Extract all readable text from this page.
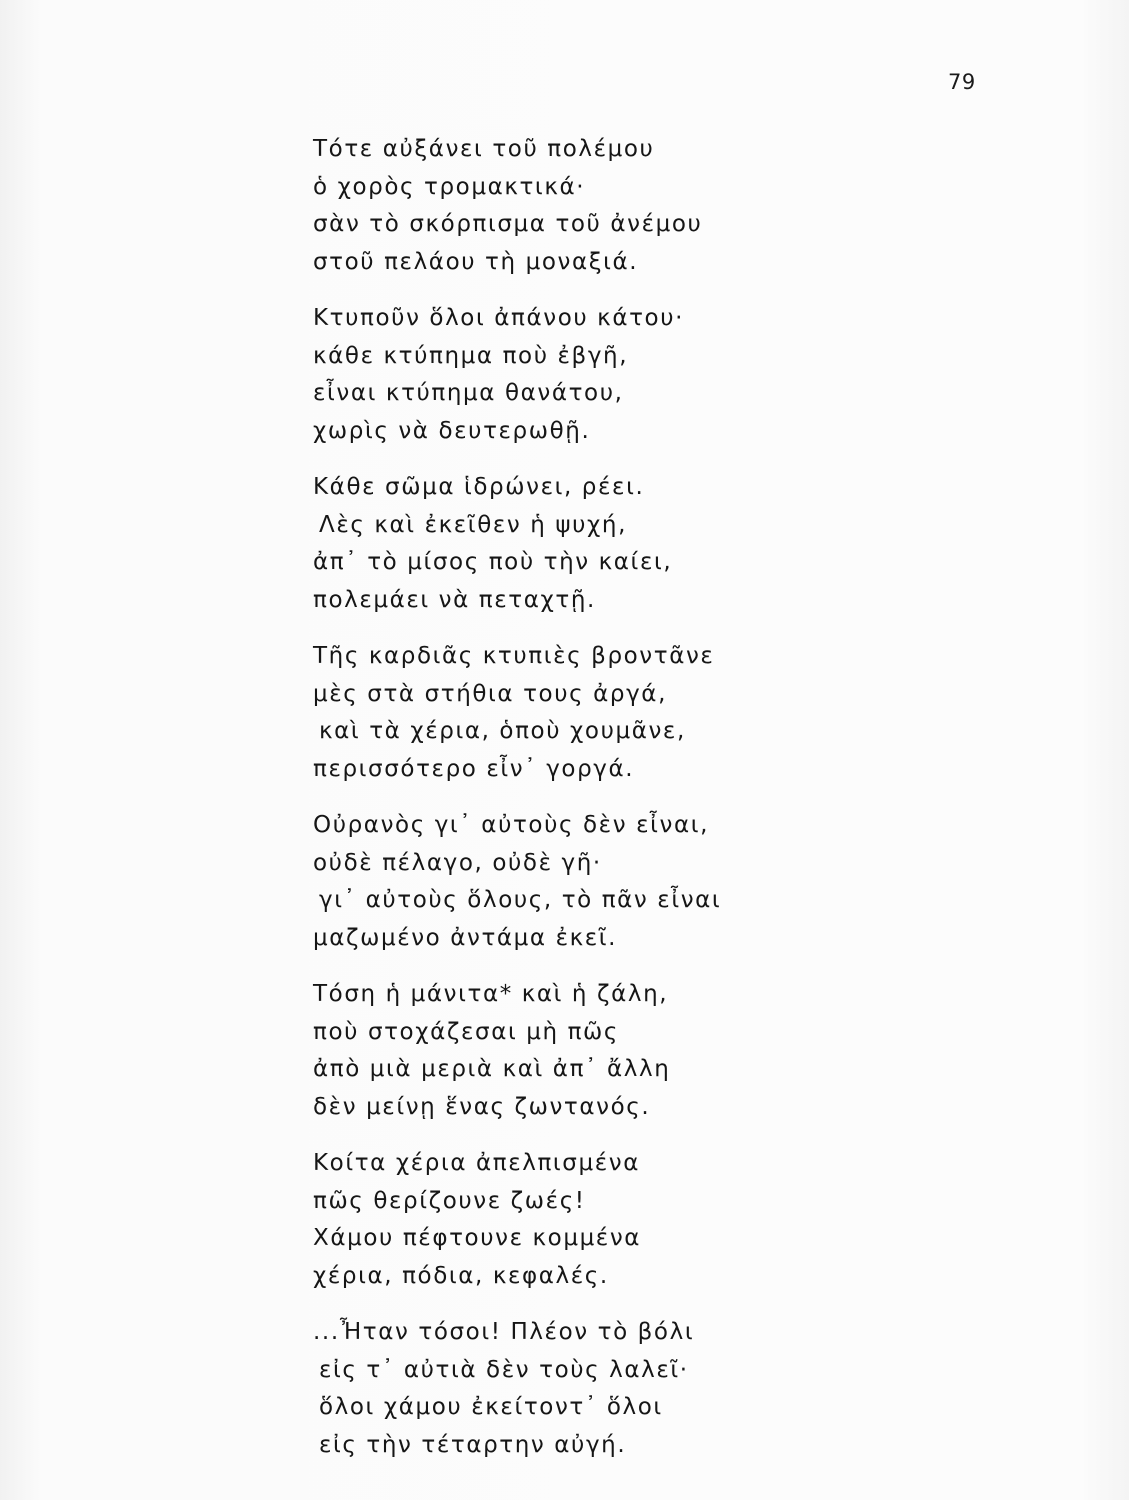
79
Τότε αὐξάνει τοῦ πολέμου
ὁ χορὸς τρομακτικά·
σὰν τὸ σκόρπισμα τοῦ ἀνέμου
στοῦ πελάου τὴ μοναξιά.
Κτυποῦν ὅλοι ἀπάνου κάτου·
κάθε κτύπημα ποὺ ἐβγῆ,
εἶναι κτύπημα θανάτου,
χωρὶς νὰ δευτερωθῇ.
Κάθε σῶμα ἱδρώνει, ρέει.
Λὲς καὶ ἐκεῖθεν ἡ ψυχή,
ἀπ᾽ τὸ μίσος ποὺ τὴν καίει,
πολεμάει νὰ πεταχτῇ.
Τῆς καρδιᾶς κτυπιὲς βροντᾶνε
μὲς στὰ στήθια τους ἀργά,
καὶ τὰ χέρια, ὁποὺ χουμᾶνε,
περισσότερο εἶν᾽ γοργά.
Οὐρανὸς γι᾽ αὐτοὺς δὲν εἶναι,
οὐδὲ πέλαγο, οὐδὲ γῆ·
γι᾽ αὐτοὺς ὅλους, τὸ πᾶν εἶναι
μαζωμένο ἀντάμα ἐκεῖ.
Τόση ἡ μάνιτα* καὶ ἡ ζάλη,
ποὺ στοχάζεσαι μὴ πῶς
ἀπὸ μιὰ μεριὰ καὶ ἀπ᾽ ἄλλη
δὲν μείνῃ ἕνας ζωντανός.
Κοίτα χέρια ἀπελπισμένα
πῶς θερίζουνε ζωές!
Χάμου πέφτουνε κομμένα
χέρια, πόδια, κεφαλές.
...Ἦταν τόσοι! Πλέον τὸ βόλι
εἰς τ᾽ αὐτιὰ δὲν τοὺς λαλεῖ·
ὅλοι χάμου ἐκείτοντ᾽ ὅλοι
εἰς τὴν τέταρτην αὐγή.
